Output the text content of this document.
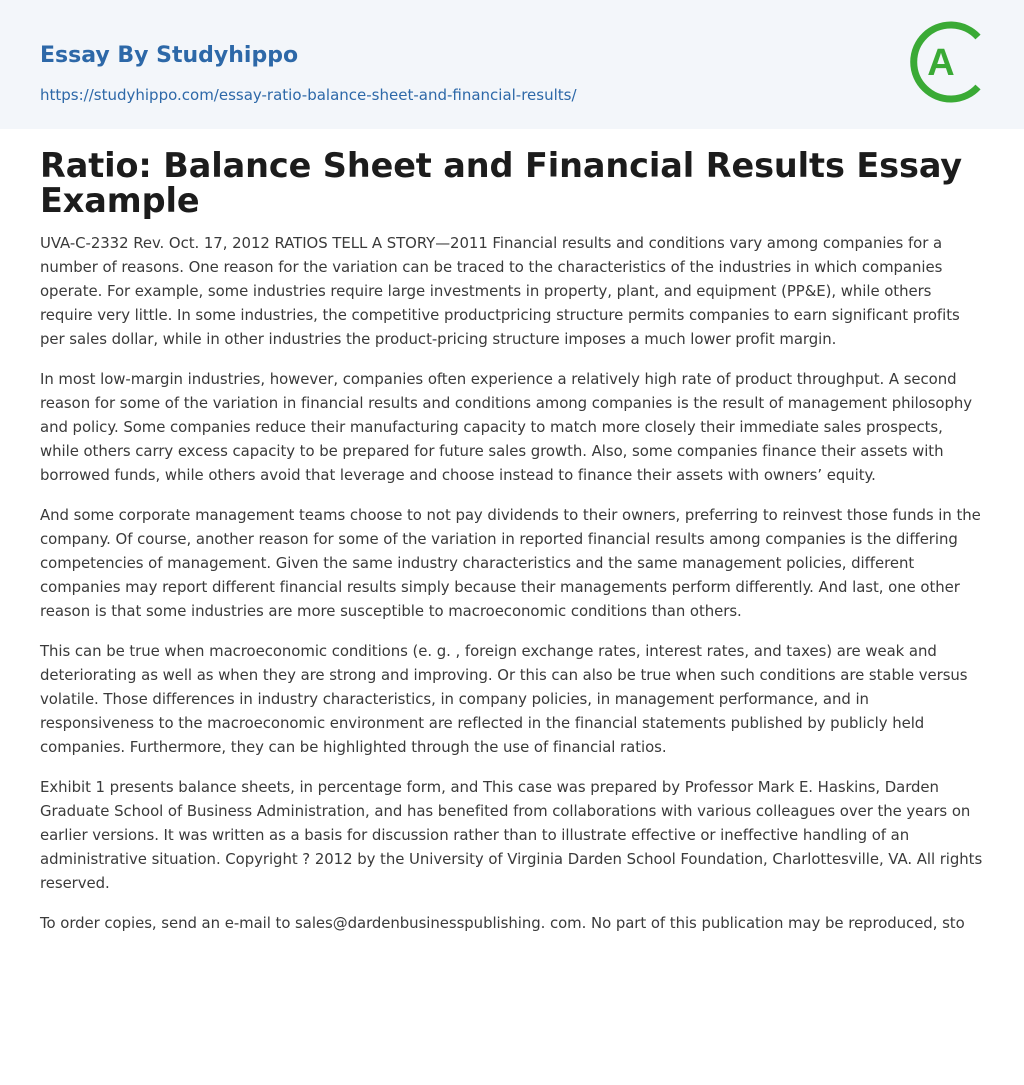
Essay By Studyhippo
https://studyhippo.com/essay-ratio-balance-sheet-and-financial-results/
A
Ratio: Balance Sheet and Financial Results Essay Example

UVA-C-2332 Rev. Oct. 17, 2012 RATIOS TELL A STORY—2011 Financial results and conditions vary among companies for a number of reasons. One reason for the variation can be traced to the characteristics of the industries in which companies operate. For example, some industries require large investments in property, plant, and equipment (PP&E), while others require very little. In some industries, the competitive productpricing structure permits companies to earn significant profits per sales dollar, while in other industries the product-pricing structure imposes a much lower profit margin.

In most low-margin industries, however, companies often experience a relatively high rate of product throughput. A second reason for some of the variation in financial results and conditions among companies is the result of management philosophy and policy. Some companies reduce their manufacturing capacity to match more closely their immediate sales prospects, while others carry excess capacity to be prepared for future sales growth. Also, some companies finance their assets with borrowed funds, while others avoid that leverage and choose instead to finance their assets with owners’ equity.

And some corporate management teams choose to not pay dividends to their owners, preferring to reinvest those funds in the company. Of course, another reason for some of the variation in reported financial results among companies is the differing competencies of management. Given the same industry characteristics and the same management policies, different companies may report different financial results simply because their managements perform differently. And last, one other reason is that some industries are more susceptible to macroeconomic conditions than others.

This can be true when macroeconomic conditions (e. g. , foreign exchange rates, interest rates, and taxes) are weak and deteriorating as well as when they are strong and improving. Or this can also be true when such conditions are stable versus volatile. Those differences in industry characteristics, in company policies, in management performance, and in responsiveness to the macroeconomic environment are reflected in the financial statements published by publicly held companies. Furthermore, they can be highlighted through the use of financial ratios.

Exhibit 1 presents balance sheets, in percentage form, and This case was prepared by Professor Mark E. Haskins, Darden Graduate School of Business Administration, and has benefited from collaborations with various colleagues over the years on earlier versions. It was written as a basis for discussion rather than to illustrate effective or ineffective handling of an administrative situation. Copyright ? 2012 by the University of Virginia Darden School Foundation, Charlottesville, VA. All rights reserved.

To order copies, send an e-mail to sales@dardenbusinesspublishing. com. No part of this publication may be reproduced, sto
